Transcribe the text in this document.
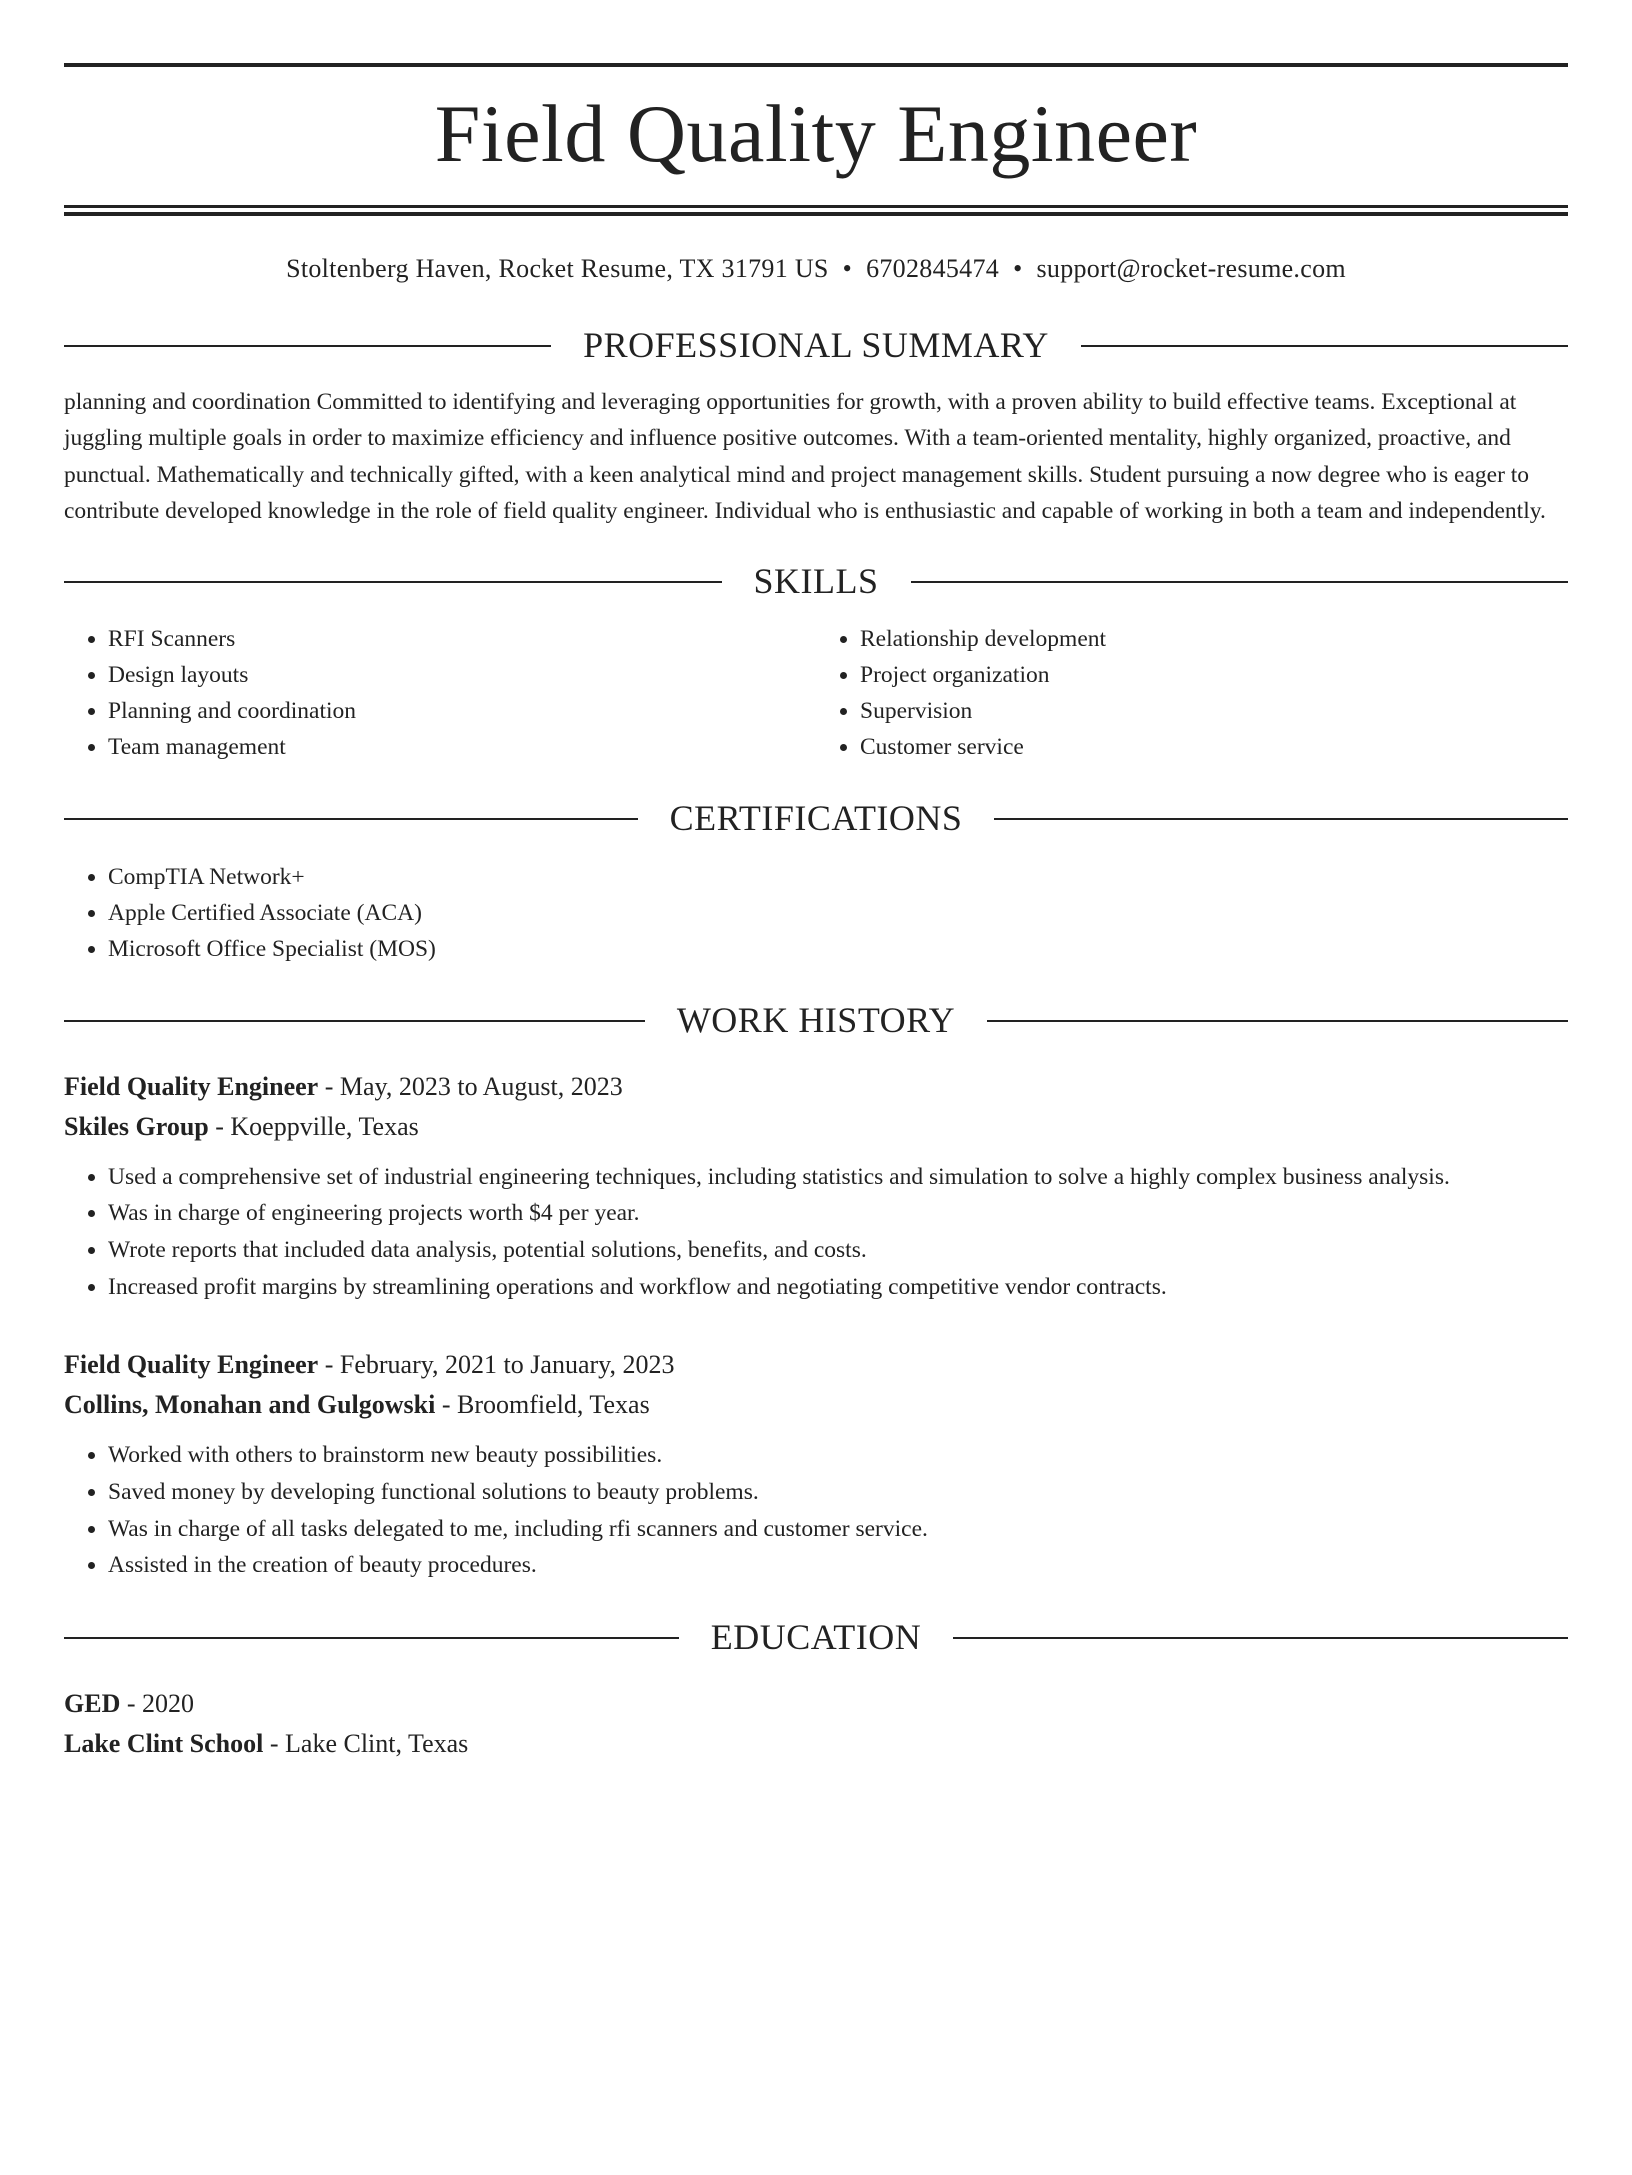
Field Quality Engineer
Stoltenberg Haven, Rocket Resume, TX 31791 US • 6702845474 • support@rocket-resume.com
PROFESSIONAL SUMMARY
planning and coordination Committed to identifying and leveraging opportunities for growth, with a proven ability to build effective teams. Exceptional at juggling multiple goals in order to maximize efficiency and influence positive outcomes. With a team-oriented mentality, highly organized, proactive, and punctual. Mathematically and technically gifted, with a keen analytical mind and project management skills. Student pursuing a now degree who is eager to contribute developed knowledge in the role of field quality engineer. Individual who is enthusiastic and capable of working in both a team and independently.
SKILLS
• RFI Scanners
• Design layouts
• Planning and coordination
• Team management
• Relationship development
• Project organization
• Supervision
• Customer service
CERTIFICATIONS
• CompTIA Network+
• Apple Certified Associate (ACA)
• Microsoft Office Specialist (MOS)
WORK HISTORY
Field Quality Engineer - May, 2023 to August, 2023
Skiles Group - Koeppville, Texas
• Used a comprehensive set of industrial engineering techniques, including statistics and simulation to solve a highly complex business analysis.
• Was in charge of engineering projects worth $4 per year.
• Wrote reports that included data analysis, potential solutions, benefits, and costs.
• Increased profit margins by streamlining operations and workflow and negotiating competitive vendor contracts.
Field Quality Engineer - February, 2021 to January, 2023
Collins, Monahan and Gulgowski - Broomfield, Texas
• Worked with others to brainstorm new beauty possibilities.
• Saved money by developing functional solutions to beauty problems.
• Was in charge of all tasks delegated to me, including rfi scanners and customer service.
• Assisted in the creation of beauty procedures.
EDUCATION
GED - 2020
Lake Clint School - Lake Clint, Texas
